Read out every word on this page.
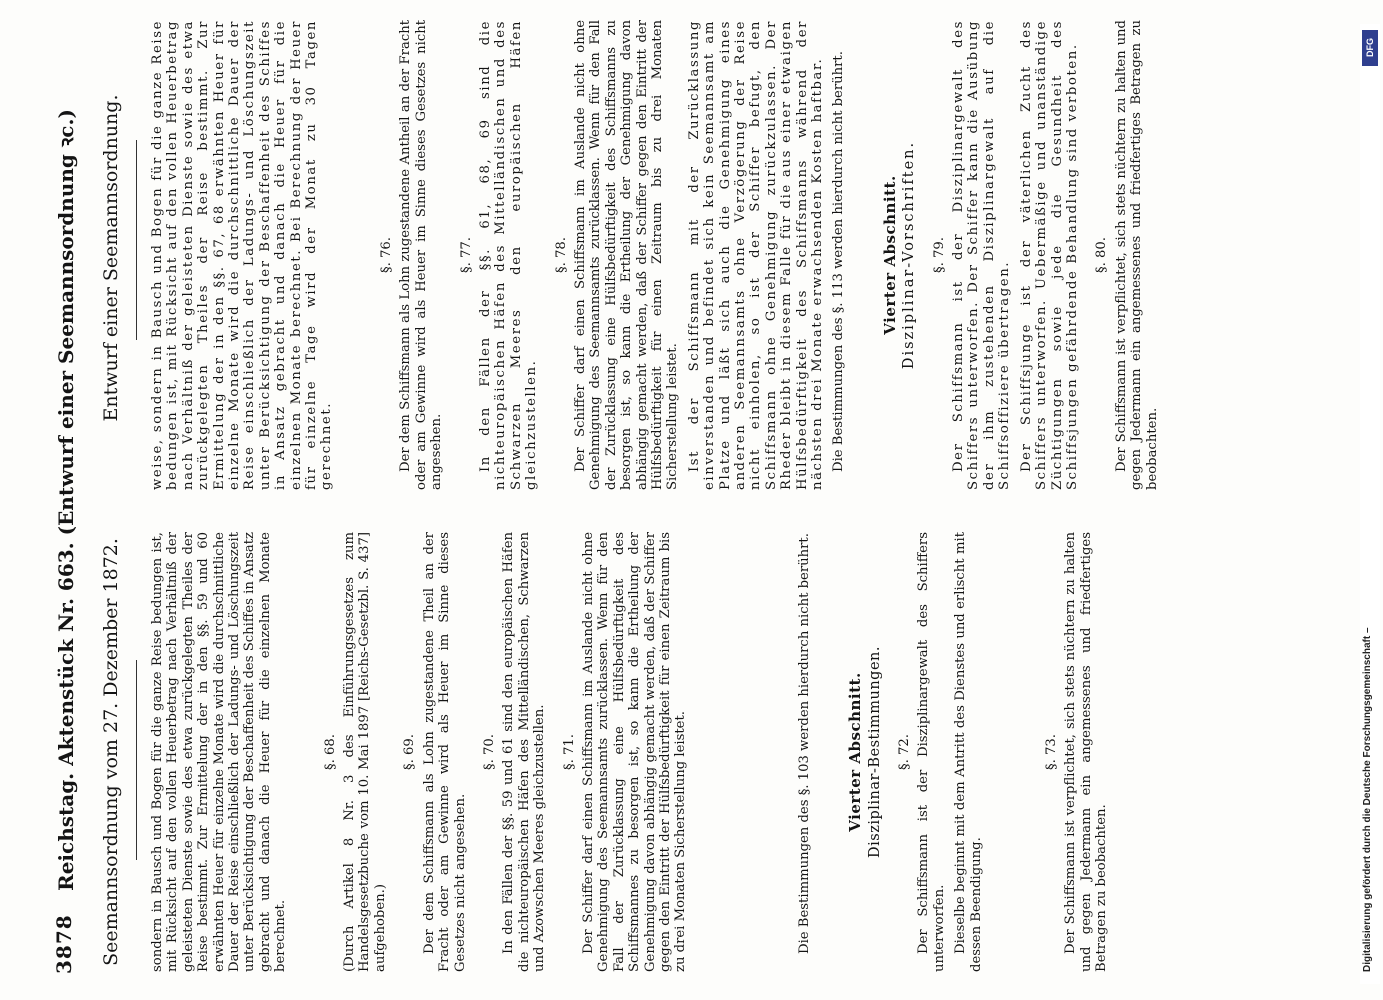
3878
Reichstag. Aktenstück Nr. 663. (Entwurf einer Seemannsordnung ꝛc.) Seemannsordnung vom 27. Dezember 1872.
Entwurf einer Seemannsordnung.

sondern in Bausch und Bogen für die ganze Reise bedungen ist, mit Rücksicht auf den vollen Heuerbetrag nach Verhältniß der geleisteten Dienste sowie des etwa zurückgelegten Theiles der Reise bestimmt. Zur Ermittelung der in den §§. 59 und 60 erwähnten Heuer für einzelne Monate wird die durchschnittliche Dauer der Reise einschließlich der Ladungs- und Löschungszeit unter Berücksichtigung der Beschaffenheit des Schiffes in Ansatz gebracht und danach die Heuer für die einzelnen Monate berechnet.

§. 68. (Durch Artikel 8 Nr. 3 des Einführungsgesetzes zum Handelsgesetzbuche vom 10. Mai 1897 [Reichs-Gesetzbl. S. 437] aufgehoben.)

§. 69. Der dem Schiffsmann als Lohn zugestandene Theil an der Fracht oder am Gewinne wird als Heuer im Sinne dieses Gesetzes nicht angesehen.

§. 70. In den Fällen der §§. 59 und 61 sind den europäischen Häfen die nichteuropäischen Häfen des Mittelländischen, Schwarzen und Azowschen Meeres gleichzustellen. §. 71. Der Schiffer darf einen Schiffsmann im Auslande nicht ohne Genehmigung des Seemannsamts zurücklassen. Wenn für den Fall der Zurücklassung eine Hülfsbedürftigkeit des Schiffsmannes zu besorgen ist, so kann die Ertheilung der Genehmigung davon abhängig gemacht werden, daß der Schiffer gegen den Eintritt der Hülfsbedürftigkeit für einen Zeitraum bis zu drei Monaten Sicherstellung leistet.	Die Bestimmungen des §. 103 werden hierdurch nicht berührt. Vierter Abschnitt. Disziplinar-Bestimmungen. §. 72. Der Schiffsmann ist der Disziplinargewalt des Schiffers unterworfen. Dieselbe beginnt mit dem Antritt des Dienstes und erlischt mit dessen Beendigung.

§. 73. Der Schiffsmann ist verpflichtet, sich stets nüchtern zu halten und gegen Jedermann ein angemessenes und friedfertiges Betragen zu beobachten.

weise, sondern in Bausch und Bogen für die ganze Reise bedungen ist, mit Rücksicht auf den vollen Heuerbetrag nach Verhältniß der geleisteten Dienste sowie des etwa zurückgelegten Theiles der Reise bestimmt. Zur Ermittelung der in den §§. 67, 68 erwähnten Heuer für einzelne Monate wird die durchschnittliche Dauer der Reise einschließlich der Ladungs- und Löschungszeit unter Berücksichtigung der Beschaffenheit des Schiffes in Ansatz gebracht und danach die Heuer für die einzelnen Monate berechnet. Bei Berechnung der Heuer für einzelne Tage wird der Monat zu 30 Tagen gerechnet.

§. 76. Der dem Schiffsmann als Lohn zugestandene Antheil an der Fracht oder am Gewinne wird als Heuer im Sinne dieses Gesetzes nicht angesehen.

§. 77. In den Fällen der §§. 61, 68, 69 sind die nichteuropäischen Häfen des Mittelländischen und des Schwarzen Meeres den europäischen Häfen gleichzustellen.

§. 78. Der Schiffer darf einen Schiffsmann im Auslande nicht ohne Genehmigung des Seemannsamts zurücklassen. Wenn für den Fall der Zurücklassung eine Hülfsbedürftigkeit des Schiffsmanns zu besorgen ist, so kann die Ertheilung der Genehmigung davon abhängig gemacht werden, daß der Schiffer gegen den Eintritt der Hülfsbedürftigkeit für einen Zeitraum bis zu drei Monaten Sicherstellung leistet. Ist der Schiffsmann mit der Zurücklassung einverstanden und befindet sich kein Seemannsamt am Platze und läßt sich auch die Genehmigung eines anderen Seemannsamts ohne Verzögerung der Reise nicht einholen, so ist der Schiffer befugt, den Schiffsmann ohne Genehmigung zurückzulassen. Der Rheder bleibt in diesem Falle für die aus einer etwaigen Hülfsbedürftigkeit des Schiffsmanns während der nächsten drei Monate erwachsenden Kosten haftbar. Die Bestimmungen des §. 113 werden hierdurch nicht berührt. Vierter Abschnitt. Disziplinar-Vorschriften. §. 79. Der Schiffsmann ist der Disziplinargewalt des Schiffers unterworfen. Der Schiffer kann die Ausübung der ihm zustehenden Disziplinargewalt auf die Schiffsoffiziere übertragen. Der Schiffsjunge ist der väterlichen Zucht des Schiffers unterworfen. Uebermäßige und unanständige Züchtigungen sowie jede die Gesundheit des Schiffsjungen gefährdende Behandlung sind verboten. §. 80. Der Schiffsmann ist verpflichtet, sich stets nüchtern zu halten und gegen Jedermann ein angemessenes und friedfertiges Betragen zu beobachten.

DFG
Digitalisierung gefördert durch die Deutsche Forschungsgemeinschaft –
